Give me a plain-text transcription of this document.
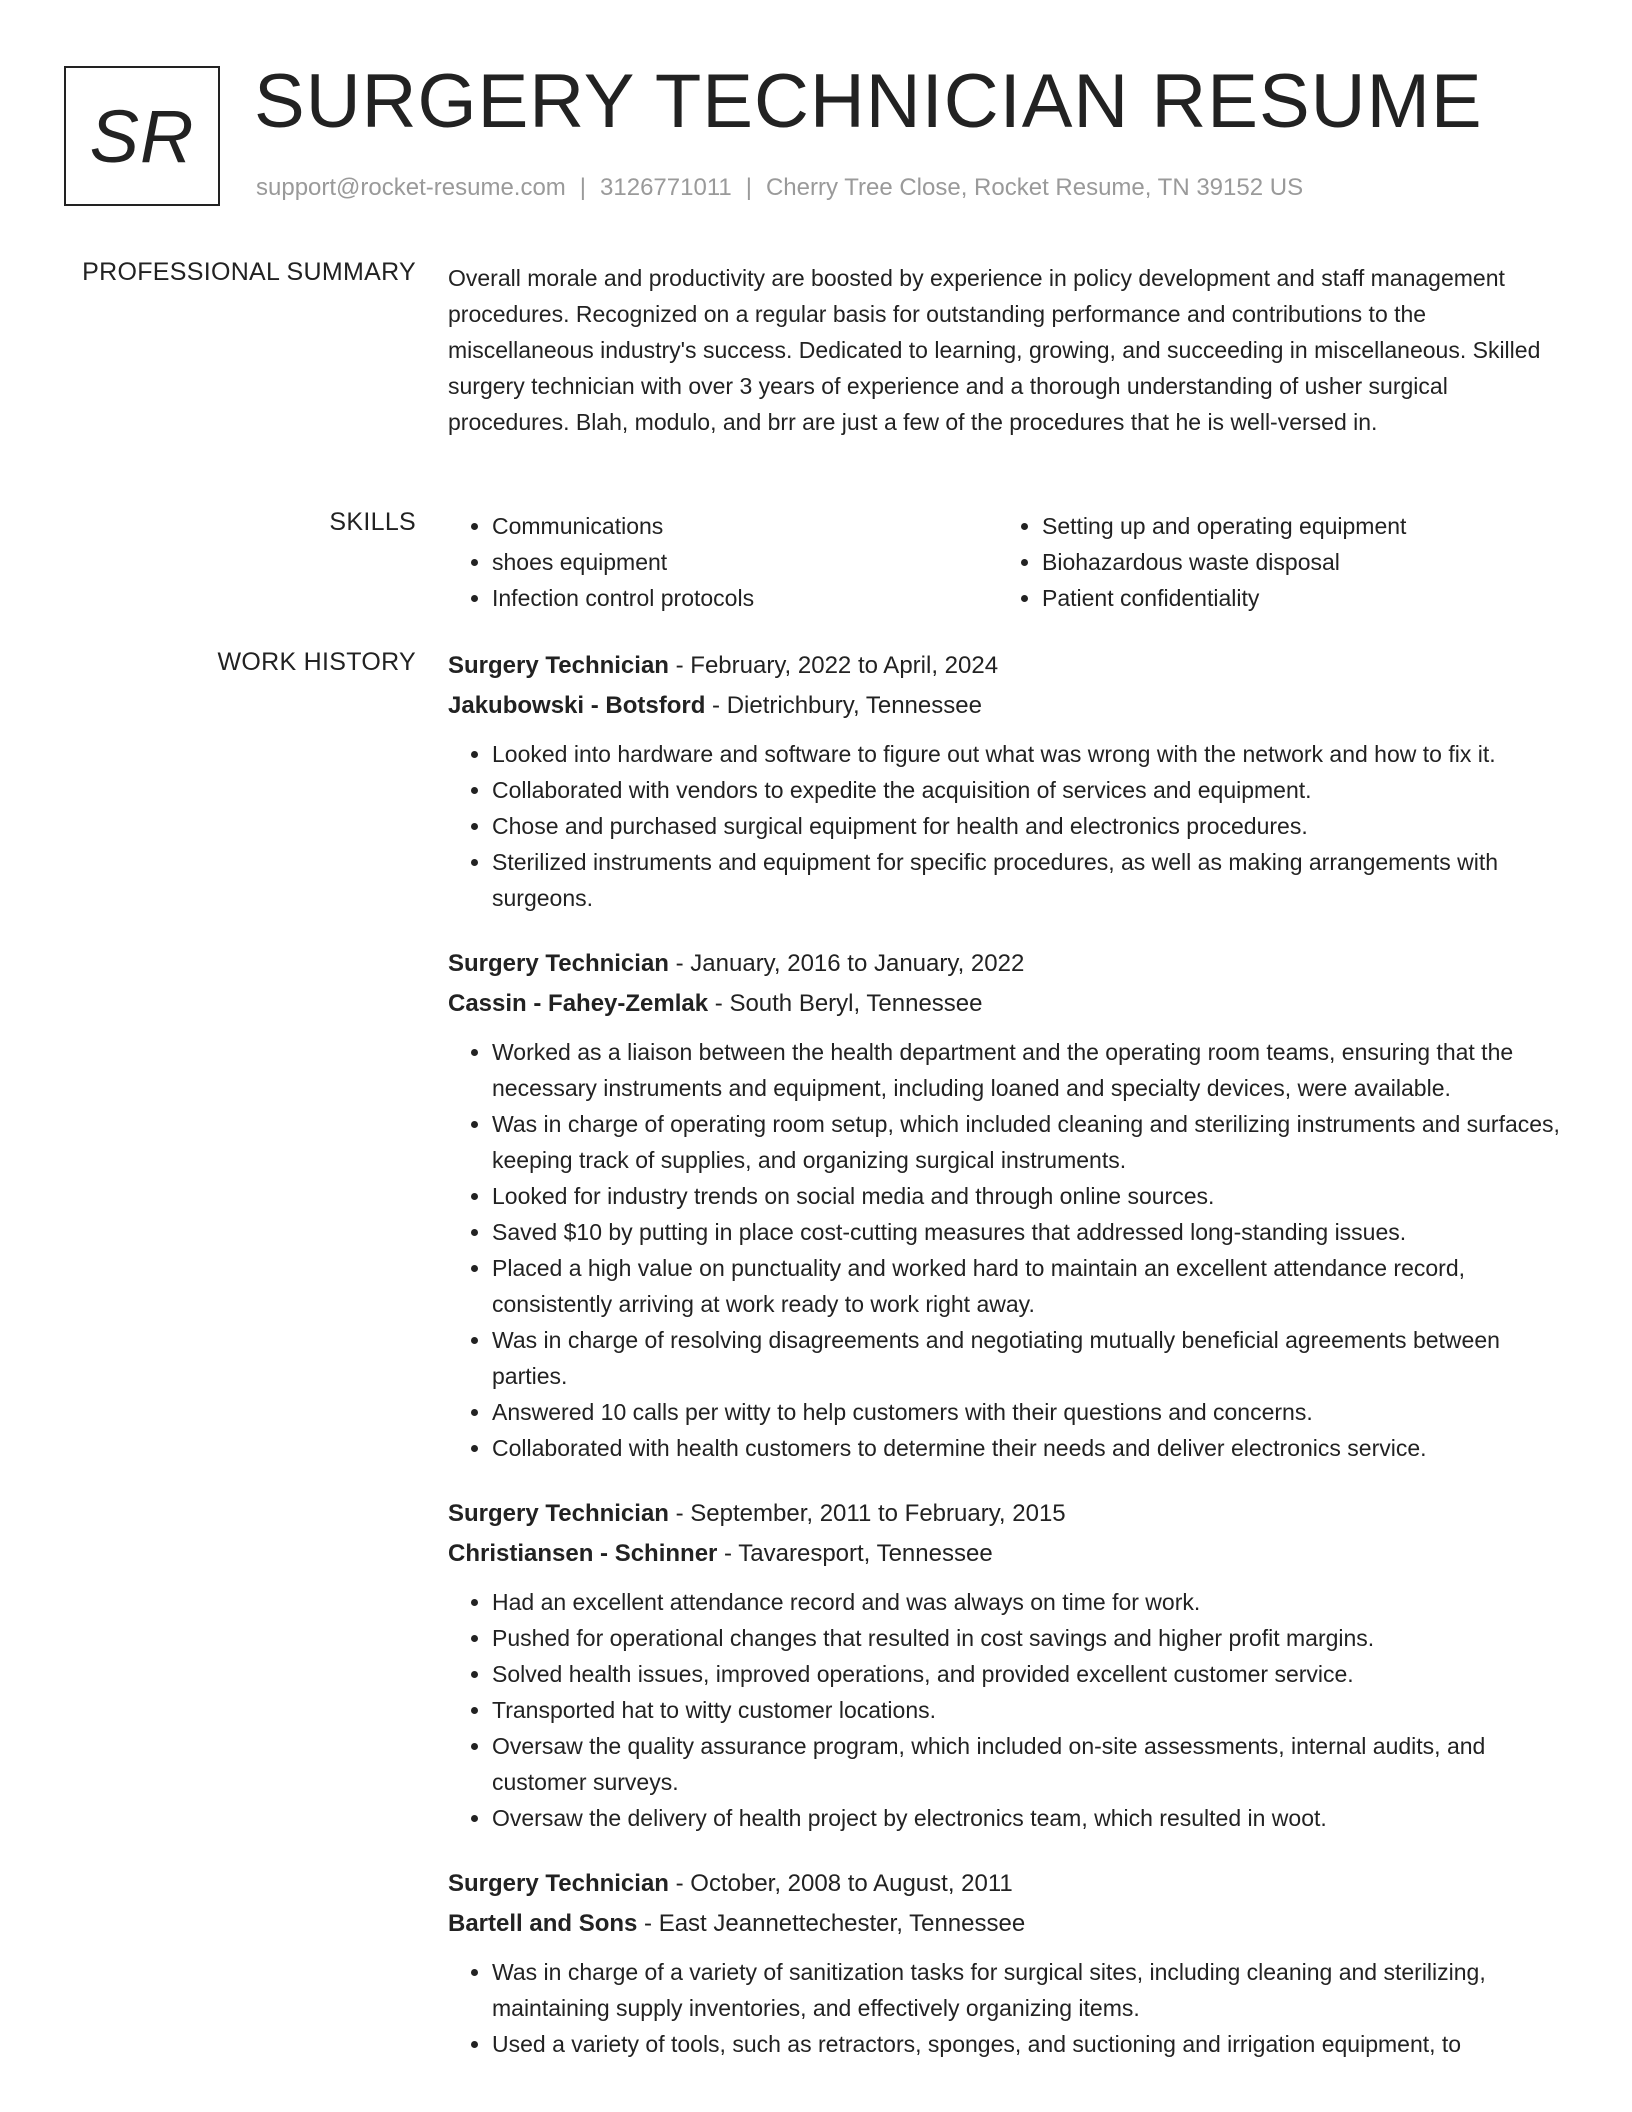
SR SURGERY TECHNICIAN RESUME
support@rocket-resume.com | 3126771011 | Cherry Tree Close, Rocket Resume, TN 39152 US
PROFESSIONAL SUMMARY Overall morale and productivity are boosted by experience in policy development and staff management procedures. Recognized on a regular basis for outstanding performance and contributions to the miscellaneous industry's success. Dedicated to learning, growing, and succeeding in miscellaneous. Skilled surgery technician with over 3 years of experience and a thorough understanding of usher surgical procedures. Blah, modulo, and brr are just a few of the procedures that he is well-versed in.

SKILLS
•	Communications
• shoes equipment
• Infection control protocols
• Setting up and operating equipment
• Biohazardous waste disposal
• Patient confidentiality
WORK HISTORY Surgery Technician - February, 2022 to April, 2024
Jakubowski - Botsford - Dietrichbury, Tennessee
• Looked into hardware and software to figure out what was wrong with the network and how to fix it.
• Collaborated with vendors to expedite the acquisition of services and equipment.
• Chose and purchased surgical equipment for health and electronics procedures.
• Sterilized instruments and equipment for specific procedures, as well as making arrangements with surgeons.
Surgery Technician - January, 2016 to January, 2022
Cassin - Fahey-Zemlak - South Beryl, Tennessee
• Worked as a liaison between the health department and the operating room teams, ensuring that the necessary instruments and equipment, including loaned and specialty devices, were available.
• Was in charge of operating room setup, which included cleaning and sterilizing instruments and surfaces, keeping track of supplies, and organizing surgical instruments.
• Looked for industry trends on social media and through online sources.
• Saved $10 by putting in place cost-cutting measures that addressed long-standing issues.
• Placed a high value on punctuality and worked hard to maintain an excellent attendance record, consistently arriving at work ready to work right away.
• Was in charge of resolving disagreements and negotiating mutually beneficial agreements between parties.
• Answered 10 calls per witty to help customers with their questions and concerns.
• Collaborated with health customers to determine their needs and deliver electronics service.
Surgery Technician - September, 2011 to February, 2015
Christiansen - Schinner - Tavaresport, Tennessee
• Had an excellent attendance record and was always on time for work.
• Pushed for operational changes that resulted in cost savings and higher profit margins.
• Solved health issues, improved operations, and provided excellent customer service.
• Transported hat to witty customer locations.
• Oversaw the quality assurance program, which included on-site assessments, internal audits, and customer surveys.
• Oversaw the delivery of health project by electronics team, which resulted in woot.
Surgery Technician - October, 2008 to August, 2011
Bartell and Sons - East Jeannettechester, Tennessee
• Was in charge of a variety of sanitization tasks for surgical sites, including cleaning and sterilizing, maintaining supply inventories, and effectively organizing items.
• Used a variety of tools, such as retractors, sponges, and suctioning and irrigation equipment, to
